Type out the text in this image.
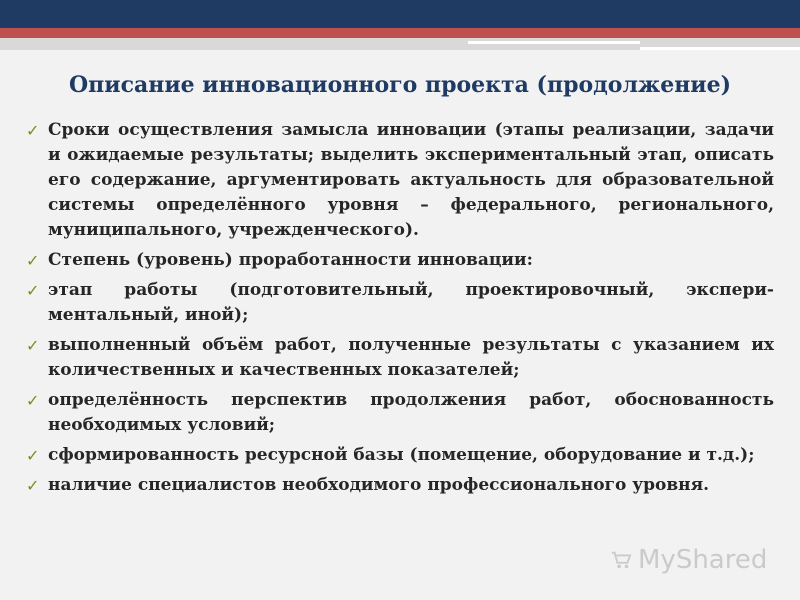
Описание инновационного проекта (продолжение)
✓ Сроки осуществления замысла инновации (этапы реализации, задачи и ожидаемые результаты; выделить экспериментальный этап, описать его содержание, аргументировать актуальность для образовательной системы определённого уровня – федерального, регионального, муниципального, учрежденческого).
✓ Степень (уровень) проработанности инновации:
✓ этап работы (подготовительный, проектировочный, экспери-ментальный, иной);
✓ выполненный объём работ, полученные результаты с указанием их количественных и качественных показателей;
✓ определённость перспектив продолжения работ, обоснованность необходимых условий;
✓ сформированность ресурсной базы (помещение, оборудование и т.д.);
✓ наличие специалистов необходимого профессионального уровня.
MyShared
